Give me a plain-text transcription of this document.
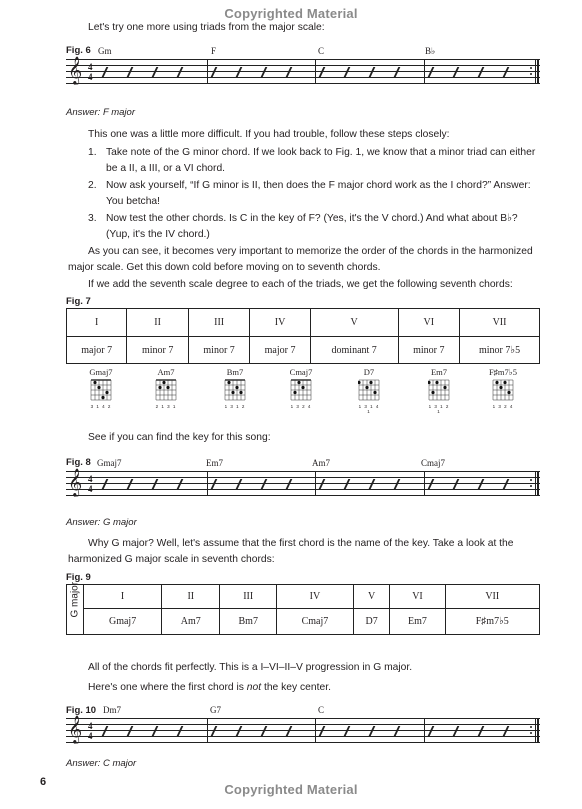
Copyrighted Material
Copyrighted Material
Let's try one more using triads from the major scale:
Fig. 6 Gm	F	C	B♭
𝄞 4
4
Answer: F major
This one was a little more difficult. If you had trouble, follow these steps closely:
1. Take note of the G minor chord. If we look back to Fig. 1, we know that a minor triad can either be a II, a III, or a VI chord.
2. Now ask yourself, “If G minor is II, then does the F major chord work as the I chord?” Answer: You betcha!
3. Now test the other chords. Is C in the key of F? (Yes, it's the V chord.) And what about B♭? (Yup, it's the IV chord.)
As you can see, it becomes very important to memorize the order of the chords in the harmonized major scale. Get this down cold before moving on to seventh chords.
If we add the seventh scale degree to each of the triads, we get the following seventh chords:
Fig. 7
I	II	III	IV	V	VI	VII
major 7	minor 7	minor 7	major 7	dominant 7	minor 7	minor 7♭5
Gmaj7
3 1 4 2
Am7
2 1 3 1
Bm7
1 3 1 2
Cmaj7
1 3 2 4
D7
1 3 1 4 1
Em7
1 3 1 2 1
F♯m7♭5
1 3 2 4
See if you can find the key for this song:
Fig. 8 Gmaj7	Em7	Am7	Cmaj7
𝄞 4
4
Answer: G major
Why G major? Well, let's assume that the first chord is the name of the key. Take a look at the harmonized G major scale in seventh chords:
Fig. 9
G major	I	II	III	IV	V	VI	VII
	Gmaj7	Am7	Bm7	Cmaj7	D7	Em7	F♯m7♭5
All of the chords fit perfectly. This is a I–VI–II–V progression in G major.
Here's one where the first chord is not the key center.
Fig. 10 Dm7	G7	C
𝄞 4
4
Answer: C major
6
